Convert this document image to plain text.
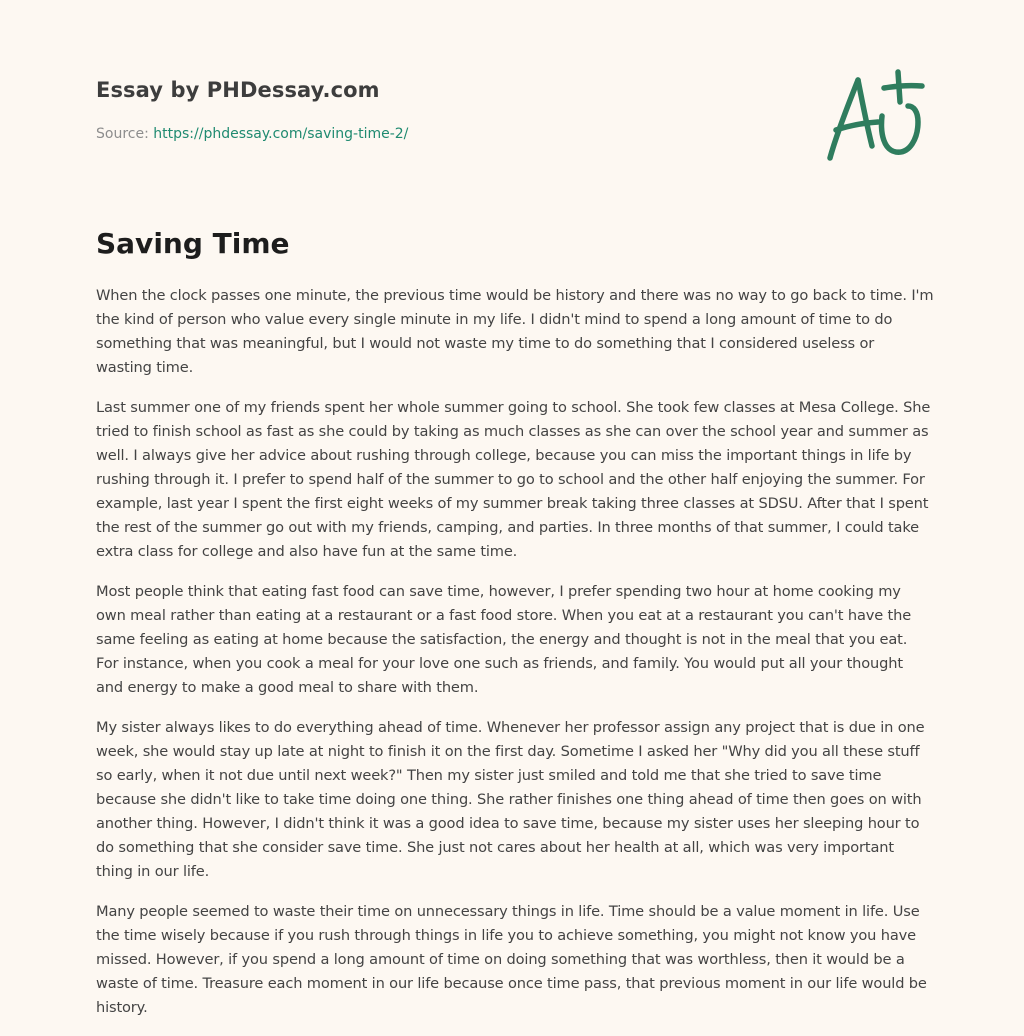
Essay by PHDessay.com
Source: https://phdessay.com/saving-time-2/
Saving Time

When the clock passes one minute, the previous time would be history and there was no way to go back to time. I'm the kind of person who value every single minute in my life. I didn't mind to spend a long amount of time to do something that was meaningful, but I would not waste my time to do something that I considered useless or wasting time.

Last summer one of my friends spent her whole summer going to school. She took few classes at Mesa College. She tried to finish school as fast as she could by taking as much classes as she can over the school year and summer as well. I always give her advice about rushing through college, because you can miss the important things in life by rushing through it. I prefer to spend half of the summer to go to school and the other half enjoying the summer. For example, last year I spent the first eight weeks of my summer break taking three classes at SDSU. After that I spent the rest of the summer go out with my friends, camping, and parties. In three months of that summer, I could take extra class for college and also have fun at the same time.

Most people think that eating fast food can save time, however, I prefer spending two hour at home cooking my own meal rather than eating at a restaurant or a fast food store. When you eat at a restaurant you can't have the same feeling as eating at home because the satisfaction, the energy and thought is not in the meal that you eat. For instance, when you cook a meal for your love one such as friends, and family. You would put all your thought and energy to make a good meal to share with them.

My sister always likes to do everything ahead of time. Whenever her professor assign any project that is due in one week, she would stay up late at night to finish it on the first day. Sometime I asked her "Why did you all these stuff so early, when it not due until next week?" Then my sister just smiled and told me that she tried to save time because she didn't like to take time doing one thing. She rather finishes one thing ahead of time then goes on with another thing. However, I didn't think it was a good idea to save time, because my sister uses her sleeping hour to do something that she consider save time. She just not cares about her health at all, which was very important thing in our life.

Many people seemed to waste their time on unnecessary things in life. Time should be a value moment in life. Use the time wisely because if you rush through things in life you to achieve something, you might not know you have missed. However, if you spend a long amount of time on doing something that was worthless, then it would be a waste of time. Treasure each moment in our life because once time pass, that previous moment in our life would be history.
